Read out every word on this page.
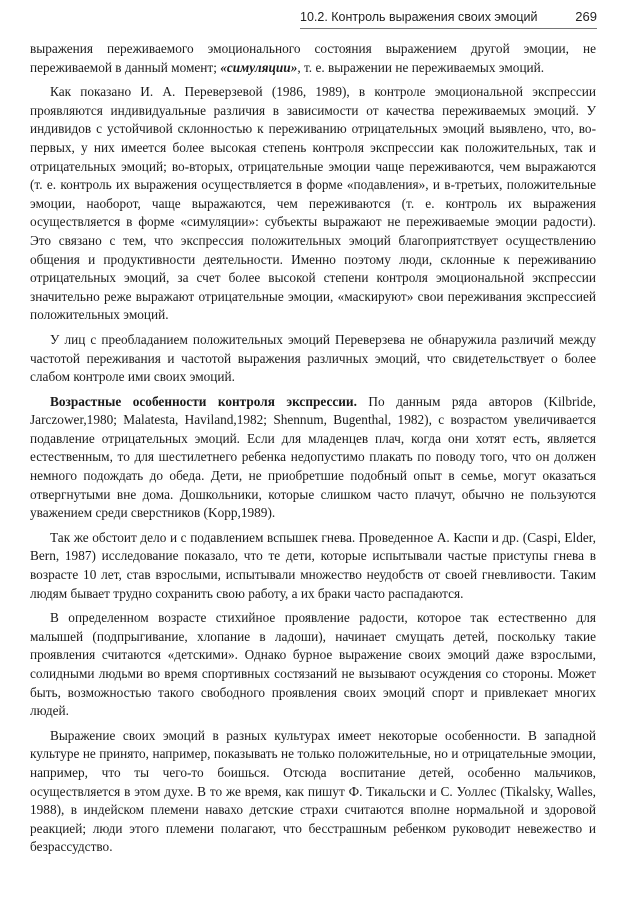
10.2. Контроль выражения своих эмоций	269

выражения переживаемого эмоционального состояния выражением другой эмоции, не переживаемой в данный момент; «симуляции», т. е. выражении не переживаемых эмоций.

Как показано И. А. Переверзевой (1986, 1989), в контроле эмоциональной экспрессии проявляются индивидуальные различия в зависимости от качества переживаемых эмоций. У индивидов с устойчивой склонностью к переживанию отрицательных эмоций выявлено, что, во-первых, у них имеется более высокая степень контроля экспрессии как положительных, так и отрицательных эмоций; во-вторых, отрицательные эмоции чаще переживаются, чем выражаются (т. е. контроль их выражения осуществляется в форме «подавления», и в-третьих, положительные эмоции, наоборот, чаще выражаются, чем переживаются (т. е. контроль их выражения осуществляется в форме «симуляции»: субъекты выражают не переживаемые эмоции радости). Это связано с тем, что экспрессия положительных эмоций благоприятствует осуществлению общения и продуктивности деятельности. Именно поэтому люди, склонные к переживанию отрицательных эмоций, за счет более высокой степени контроля эмоциональной экспрессии значительно реже выражают отрицательные эмоции, «маскируют» свои переживания экспрессией положительных эмоций.

У лиц с преобладанием положительных эмоций Переверзева не обнаружила различий между частотой переживания и частотой выражения различных эмоций, что свидетельствует о более слабом контроле ими своих эмоций.

Возрастные особенности контроля экспрессии. По данным ряда авторов (Kilbride, Jarczower,1980; Malatesta, Haviland,1982; Shennum, Bugenthal, 1982), с возрастом увеличивается подавление отрицательных эмоций. Если для младенцев плач, когда они хотят есть, является естественным, то для шестилетнего ребенка недопустимо плакать по поводу того, что он должен немного подождать до обеда. Дети, не приобретшие подобный опыт в семье, могут оказаться отвергнутыми вне дома. Дошкольники, которые слишком часто плачут, обычно не пользуются уважением среди сверстников (Kopp,1989).

Так же обстоит дело и с подавлением вспышек гнева. Проведенное А. Каспи и др. (Caspi, Elder, Bern, 1987) исследование показало, что те дети, которые испытывали частые приступы гнева в возрасте 10 лет, став взрослыми, испытывали множество неудобств от своей гневливости. Таким людям бывает трудно сохранить свою работу, а их браки часто распадаются.

В определенном возрасте стихийное проявление радости, которое так естественно для малышей (подпрыгивание, хлопание в ладоши), начинает смущать детей, поскольку такие проявления считаются «детскими». Однако бурное выражение своих эмоций даже взрослыми, солидными людьми во время спортивных состязаний не вызывают осуждения со стороны. Может быть, возможностью такого свободного проявления своих эмоций спорт и привлекает многих людей.

Выражение своих эмоций в разных культурах имеет некоторые особенности. В западной культуре не принято, например, показывать не только положительные, но и отрицательные эмоции, например, что ты чего-то боишься. Отсюда воспитание детей, особенно мальчиков, осуществляется в этом духе. В то же время, как пишут Ф. Тикальски и С. Уоллес (Tikalsky, Walles, 1988), в индейском племени навахо детские страхи считаются вполне нормальной и здоровой реакцией; люди этого племени полагают, что бесстрашным ребенком руководит невежество и безрассудство.
